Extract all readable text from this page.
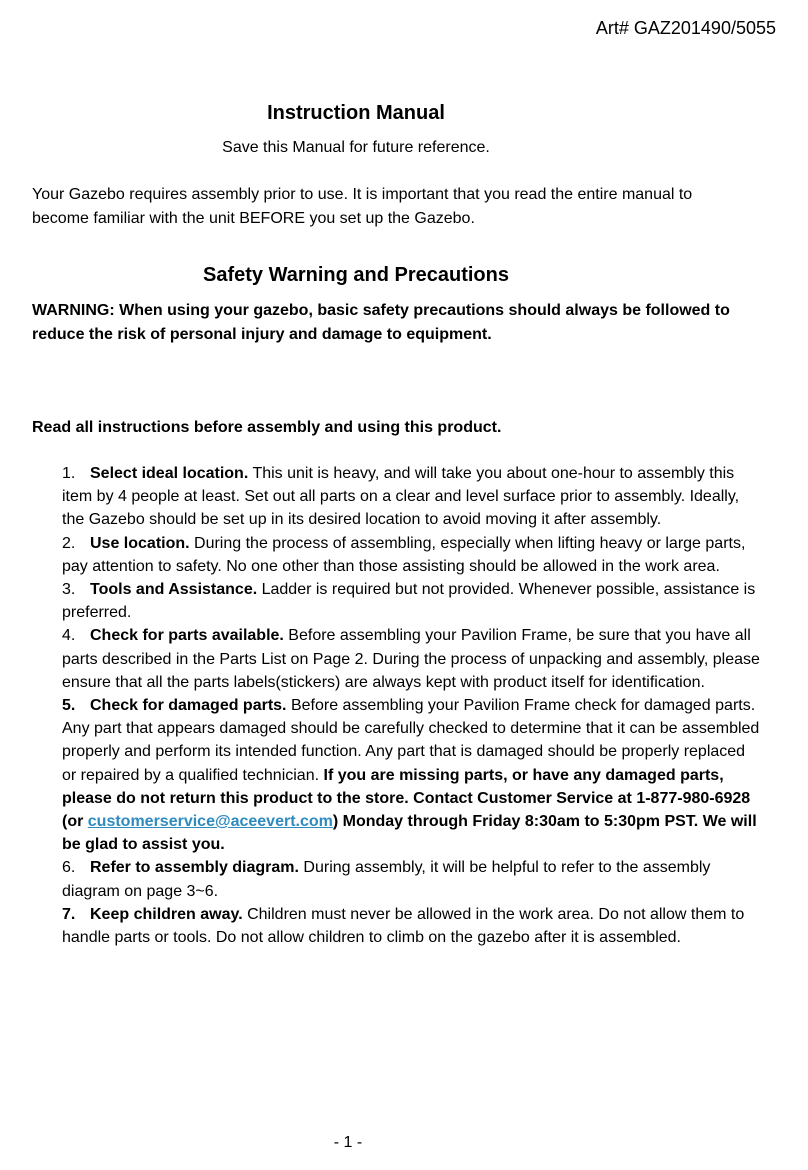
Art# GAZ201490/5055
Instruction Manual
Save this Manual for future reference.
Your Gazebo requires assembly prior to use. It is important that you read the entire manual to become familiar with the unit BEFORE you set up the Gazebo.
Safety Warning and Precautions
WARNING: When using your gazebo, basic safety precautions should always be followed to reduce the risk of personal injury and damage to equipment.
Read all instructions before assembly and using this product.

1. Select ideal location. This unit is heavy, and will take you about one-hour to assembly this item by 4 people at least. Set out all parts on a clear and level surface prior to assembly. Ideally, the Gazebo should be set up in its desired location to avoid moving it after assembly.

2. Use location. During the process of assembling, especially when lifting heavy or large parts, pay attention to safety. No one other than those assisting should be allowed in the work area.

3. Tools and Assistance. Ladder is required but not provided. Whenever possible, assistance is preferred.

4. Check for parts available. Before assembling your Pavilion Frame, be sure that you have all parts described in the Parts List on Page 2. During the process of unpacking and assembly, please ensure that all the parts labels(stickers) are always kept with product itself for identification.

5. Check for damaged parts. Before assembling your Pavilion Frame check for damaged parts. Any part that appears damaged should be carefully checked to determine that it can be assembled properly and perform its intended function. Any part that is damaged should be properly replaced or repaired by a qualified technician. If you are missing parts, or have any damaged parts, please do not return this product to the store. Contact Customer Service at 1-877-980-6928 (or customerservice@aceevert.com) Monday through Friday 8:30am to 5:30pm PST. We will be glad to assist you.

6. Refer to assembly diagram. During assembly, it will be helpful to refer to the assembly diagram on page 3~6.

7. Keep children away. Children must never be allowed in the work area. Do not allow them to handle parts or tools. Do not allow children to climb on the gazebo after it is assembled.

- 1 -
